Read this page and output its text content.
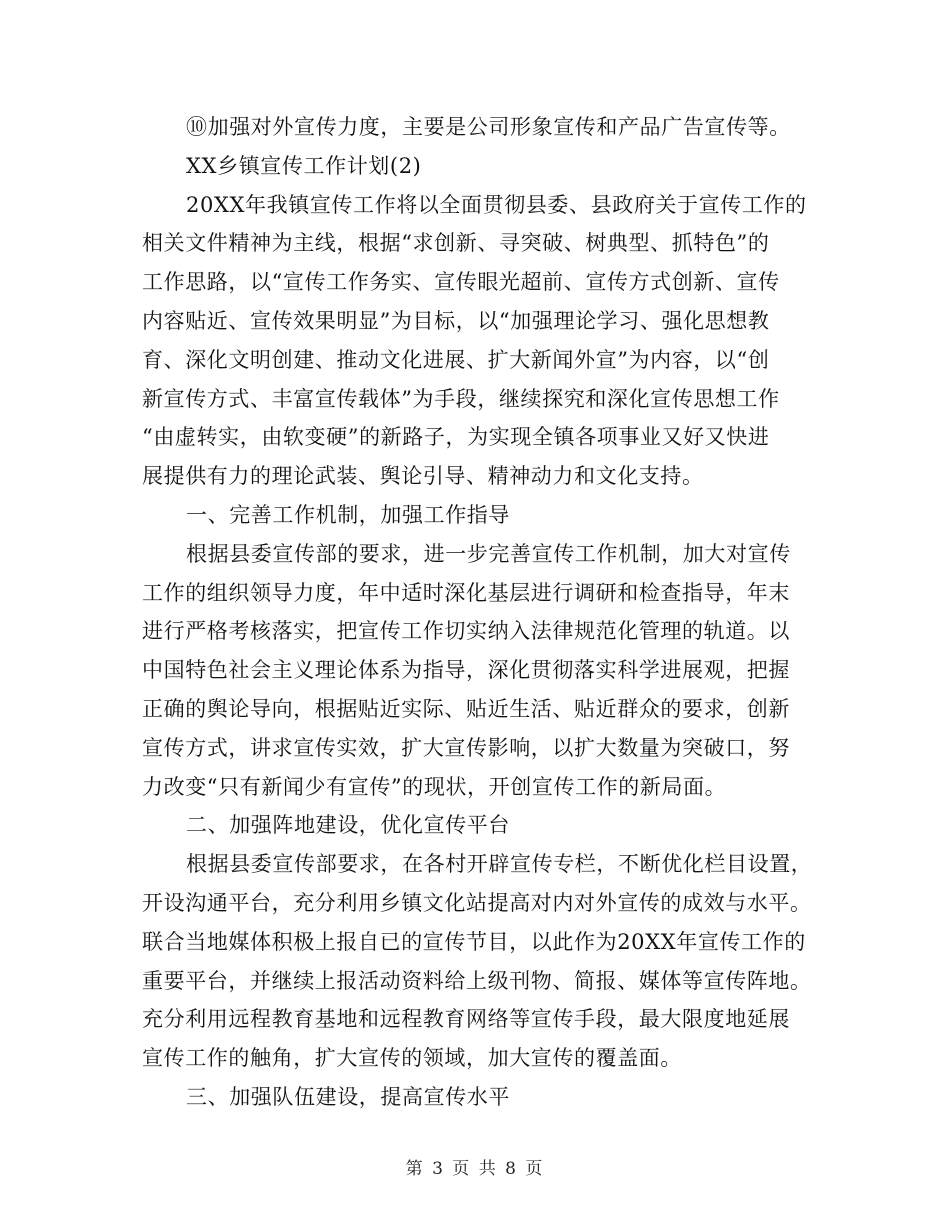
⑩加强对外宣传力度，主要是公司形象宣传和产品广告宣传等。
XX乡镇宣传工作计划(2)
20XX年我镇宣传工作将以全面贯彻县委、县政府关于宣传工作的
相关文件精神为主线，根据“求创新、寻突破、树典型、抓特色”的
工作思路，以“宣传工作务实、宣传眼光超前、宣传方式创新、宣传
内容贴近、宣传效果明显”为目标，以“加强理论学习、强化思想教
育、深化文明创建、推动文化进展、扩大新闻外宣”为内容，以“创
新宣传方式、丰富宣传载体”为手段，继续探究和深化宣传思想工作
“由虚转实，由软变硬”的新路子，为实现全镇各项事业又好又快进
展提供有力的理论武装、舆论引导、精神动力和文化支持。
一、完善工作机制，加强工作指导
根据县委宣传部的要求，进一步完善宣传工作机制，加大对宣传
工作的组织领导力度，年中适时深化基层进行调研和检查指导，年末
进行严格考核落实，把宣传工作切实纳入法律规范化管理的轨道。以
中国特色社会主义理论体系为指导，深化贯彻落实科学进展观，把握
正确的舆论导向，根据贴近实际、贴近生活、贴近群众的要求，创新
宣传方式，讲求宣传实效，扩大宣传影响，以扩大数量为突破口，努
力改变“只有新闻少有宣传”的现状，开创宣传工作的新局面。
二、加强阵地建设，优化宣传平台
根据县委宣传部要求，在各村开辟宣传专栏，不断优化栏目设置，
开设沟通平台，充分利用乡镇文化站提高对内对外宣传的成效与水平。
联合当地媒体积极上报自已的宣传节目，以此作为20XX年宣传工作的
重要平台，并继续上报活动资料给上级刊物、简报、媒体等宣传阵地。
充分利用远程教育基地和远程教育网络等宣传手段，最大限度地延展
宣传工作的触角，扩大宣传的领域，加大宣传的覆盖面。
三、加强队伍建设，提高宣传水平
第 3 页 共 8 页
